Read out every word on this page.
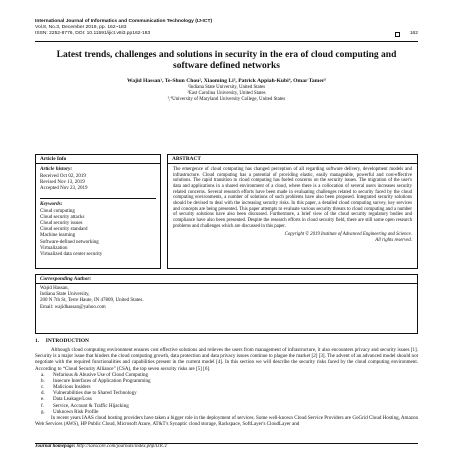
International Journal of Informatics and Communication Technology (IJ-ICT)
Vol.8, No.3, December 2019, pp. 162~183
ISSN: 2252-8776, DOI: 10.11591/ijict.v8i3.pp162-183	162
Latest trends, challenges and solutions in security in the era of cloud computing and software defined networks
Wajid Hassan¹, Te-Shun Chou², Xiaoming Li³, Patrick Appiah-Kubi⁴, Omar Tamer⁵
¹Indiana State University, United States
²East Carolina University, United States
³,⁴University of Maryland University College, United States
Article Info
Article history:
Received Oct 02, 2019
Revised Nov 13, 2019
Accepted Nov 23, 2019
Keywords:
Cloud computing
Cloud security attacks
Cloud security issues
Cloud security standard
Machine learning
Software-defined networking
Virtualization
Virtualized data center security
ABSTRACT
The emergence of cloud computing has changed perception of all regarding software delivery, development models and infrastructure. Cloud computing has a potential of providing elastic, easily manageable, powerful and cost-effective solutions. The rapid transition to cloud computing has fueled concerns on the security issues. The migration of the user's data and applications in a shared environment of a cloud, where there is a collocation of several users increases security related concerns. Several research efforts have been made in evaluating challenges related to security faced by the cloud computing environments, a number of solutions of such problems have also been proposed. Integrated security solutions should be devised to deal with the increasing security risks. In this paper, a detailed cloud computing survey, key services and concepts are being presented. This paper attempts to evaluate various security threats to cloud computing and a number of security solutions have also been discussed. Furthermore, a brief view of the cloud security regulatory bodies and compliance have also been presented. Despite the research efforts in cloud security field, there are still some open research problems and challenges which are discussed in this paper.
Copyright © 2019 Institute of Advanced Engineering and Science.
All rights reserved.
Corresponding Author:
Wajid Hassan,
Indiana State University,
200 N 7th St, Terre Haute, IN 47809, United States.
Email: wajidhassan@yahoo.com
1.     INTRODUCTION
Although cloud computing environment ensures cost effective solutions and relieves the users from management of infrastructure, it also encounters privacy and security issues [1]. Security is a major issue that hinders the cloud computing growth, data protection and data privacy issues continue to plague the market [2] [3]. The advent of an advanced model should not negotiate with the required functionalities and capabilities present in the current model [4]. In this section we will describe the security risks faced by the cloud computing environment. According to “Cloud Security Alliance” (CSA), the top seven security risks are [5] [6].
a.	Nefarious & Abusive Use of Cloud Computing
b.	Insecure Interfaces of Application Programming
c.	Malicious Insiders
d.	Vulnerabilities due to Shared Technology
e.	Data Leakage/Loss
f.	Service, Account & Traffic Hijacking
g.	Unknown Risk Profile
In recent years IAAS cloud hosting providers have taken a bigger role in the deployment of services. Some well-known Cloud Service Providers are GoGrid Cloud Hosting, Amazon Web Services (AWS), HP Public Cloud, Microsoft Azure, AT&T's Synaptic cloud storage, Rackspace, SoftLayer's CloudLayer and
Journal homepage: http://iaescore.com/journals/index.php/IJICT
